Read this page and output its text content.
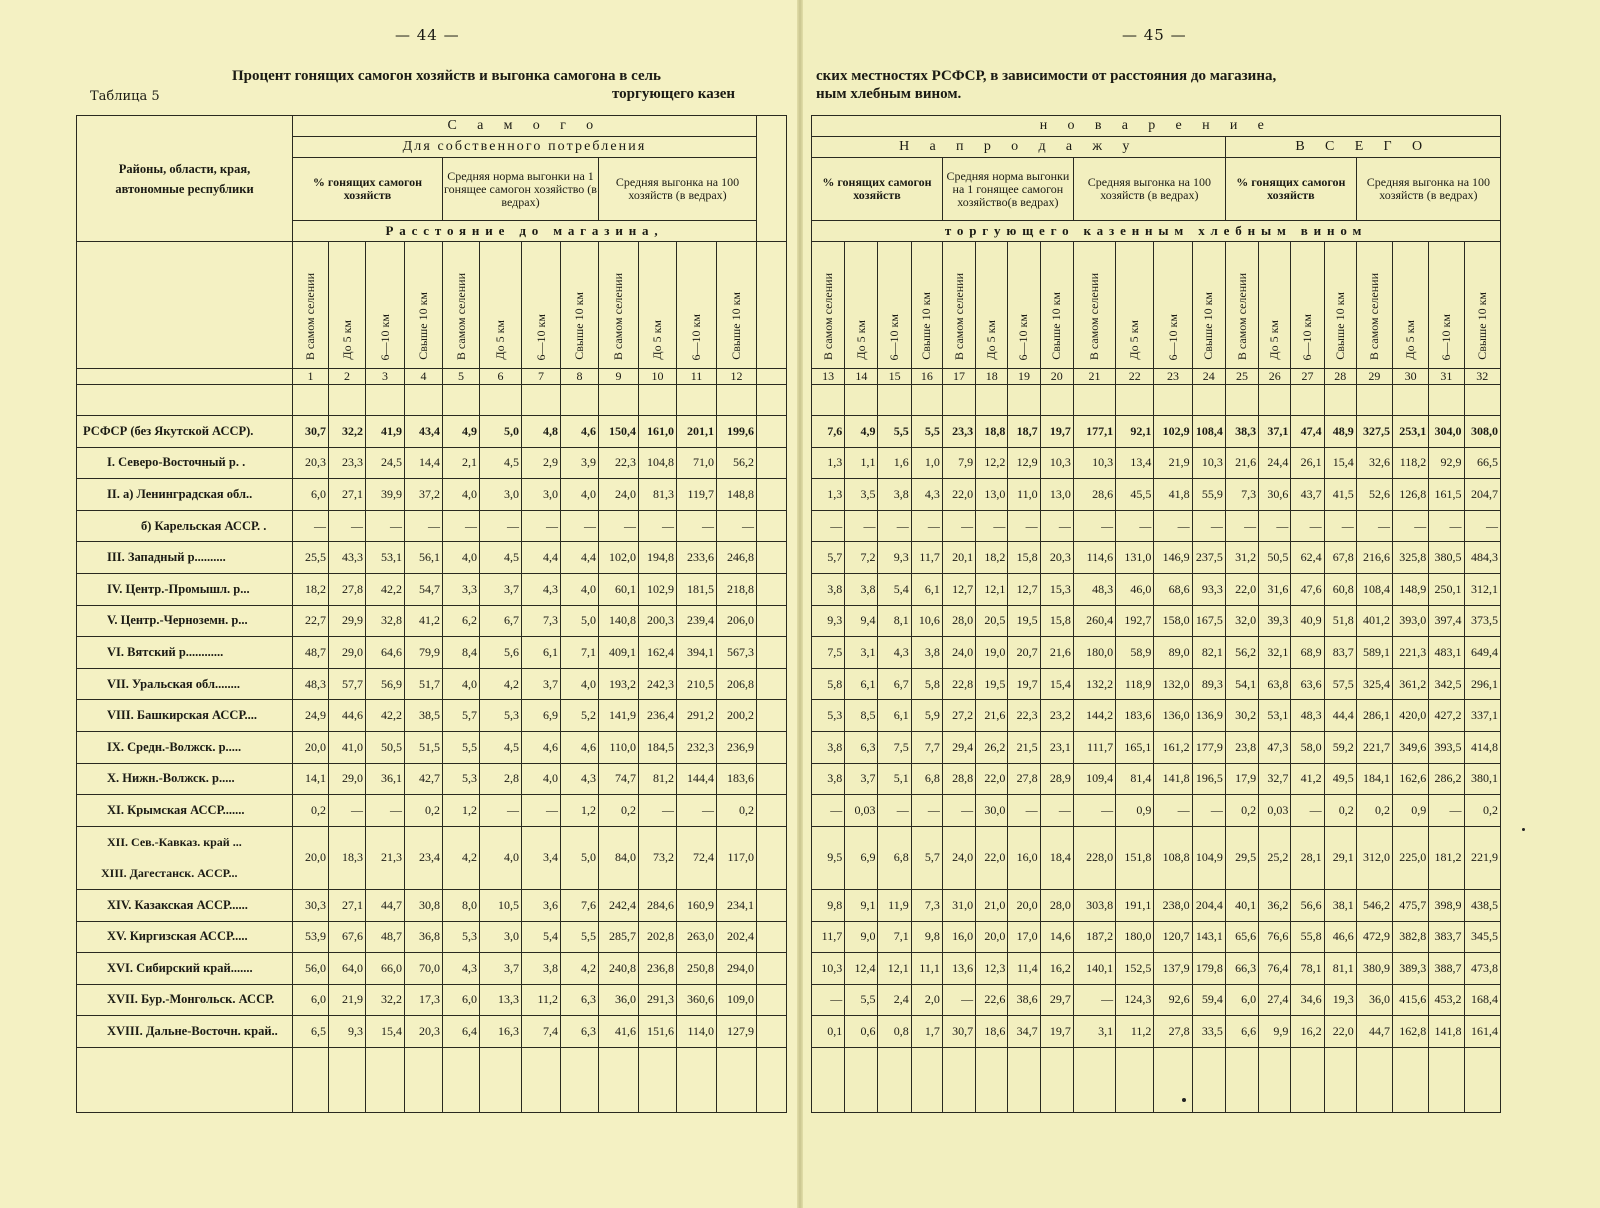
— 44 —
Процент гонящих самогон хозяйств и выгонка самогона в сель
торгующего казен
Таблица 5
— 45 —
ских местностях РСФСР, в зависимости от расстояния до магазина,
ным хлебным вином.
Районы, области, края, автономные республики	С а м о г о												
	Для собственного потребления												
	% гонящих самогон хозяйств				Средняя норма выгонки на 1 гонящее самогон хозяйство (в ведрах)				Средняя выгонка на 100 хозяйств (в ведрах)				
	Расстояние до магазина,												
	В самом селении	До 5 км	6—10 км	Свыше 10 км	В самом селении	До 5 км	6—10 км	Свыше 10 км	В самом селении	До 5 км	6—10 км	Свыше 10 км	
	1	2	3	4	5	6	7	8	9	10	11	12	

РСФСР (без Якутской АССР).	30,7	32,2	41,9	43,4	4,9	5,0	4,8	4,6	150,4	161,0	201,1	199,6	
I. Северо-Восточный р. .	20,3	23,3	24,5	14,4	2,1	4,5	2,9	3,9	22,3	104,8	71,0	56,2	
II. а) Ленинградская обл..	6,0	27,1	39,9	37,2	4,0	3,0	3,0	4,0	24,0	81,3	119,7	148,8	
б) Карельская АССР. .	—	—	—	—	—	—	—	—	—	—	—	—	
III. Западный р..........	25,5	43,3	53,1	56,1	4,0	4,5	4,4	4,4	102,0	194,8	233,6	246,8	
IV. Центр.-Промышл. р...	18,2	27,8	42,2	54,7	3,3	3,7	4,3	4,0	60,1	102,9	181,5	218,8	
V. Центр.-Черноземн. р...	22,7	29,9	32,8	41,2	6,2	6,7	7,3	5,0	140,8	200,3	239,4	206,0	
VI. Вятский р............	48,7	29,0	64,6	79,9	8,4	5,6	6,1	7,1	409,1	162,4	394,1	567,3	
VII. Уральская обл........	48,3	57,7	56,9	51,7	4,0	4,2	3,7	4,0	193,2	242,3	210,5	206,8	
VIII. Башкирская АССР....	24,9	44,6	42,2	38,5	5,7	5,3	6,9	5,2	141,9	236,4	291,2	200,2	
IX. Средн.-Волжск. р.....	20,0	41,0	50,5	51,5	5,5	4,5	4,6	4,6	110,0	184,5	232,3	236,9	
X. Нижн.-Волжск. р.....	14,1	29,0	36,1	42,7	5,3	2,8	4,0	4,3	74,7	81,2	144,4	183,6	
XI. Крымская АССР.......	0,2	—	—	0,2	1,2	—	—	1,2	0,2	—	—	0,2	

XII. Сев.-Кавказ. край ...
XIII. Дагестанск. АССР...	20,0	18,3	21,3	23,4	4,2	4,0	3,4	5,0	84,0	73,2	72,4	117,0	
XIV. Казакская АССР......	30,3	27,1	44,7	30,8	8,0	10,5	3,6	7,6	242,4	284,6	160,9	234,1	
XV. Киргизская АССР.....	53,9	67,6	48,7	36,8	5,3	3,0	5,4	5,5	285,7	202,8	263,0	202,4	
XVI. Сибирский край.......	56,0	64,0	66,0	70,0	4,3	3,7	3,8	4,2	240,8	236,8	250,8	294,0	
XVII. Бур.-Монгольск. АССР.	6,0	21,9	32,2	17,3	6,0	13,3	11,2	6,3	36,0	291,3	360,6	109,0	
XVIII. Дальне-Восточн. край..	6,5	9,3	15,4	20,3	6,4	16,3	7,4	6,3	41,6	151,6	114,0	127,9	

н о в а р е н и е																			
Н а п р о д а ж у												В С Е Г О							
% гонящих самогон хозяйств				Средняя норма выгонки на 1 гонящее самогон хозяйство(в ведрах)				Средняя выгонка на 100 хозяйств (в ведрах)				% гонящих самогон хозяйств				Средняя выгонка на 100 хозяйств (в ведрах)			
торгующего казенным хлебным вином																			
В самом селении	До 5 км	6—10 км	Свыше 10 км	В самом селении	До 5 км	6—10 км	Свыше 10 км	В самом селении	До 5 км	6—10 км	Свыше 10 км	В самом селении	До 5 км	6—10 км	Свыше 10 км	В самом селении	До 5 км	6—10 км	Свыше 10 км
13	14	15	16	17	18	19	20	21	22	23	24	25	26	27	28	29	30	31	32

7,6	4,9	5,5	5,5	23,3	18,8	18,7	19,7	177,1	92,1	102,9	108,4	38,3	37,1	47,4	48,9	327,5	253,1	304,0	308,0
1,3	1,1	1,6	1,0	7,9	12,2	12,9	10,3	10,3	13,4	21,9	10,3	21,6	24,4	26,1	15,4	32,6	118,2	92,9	66,5
1,3	3,5	3,8	4,3	22,0	13,0	11,0	13,0	28,6	45,5	41,8	55,9	7,3	30,6	43,7	41,5	52,6	126,8	161,5	204,7
—	—	—	—	—	—	—	—	—	—	—	—	—	—	—	—	—	—	—	—
5,7	7,2	9,3	11,7	20,1	18,2	15,8	20,3	114,6	131,0	146,9	237,5	31,2	50,5	62,4	67,8	216,6	325,8	380,5	484,3
3,8	3,8	5,4	6,1	12,7	12,1	12,7	15,3	48,3	46,0	68,6	93,3	22,0	31,6	47,6	60,8	108,4	148,9	250,1	312,1
9,3	9,4	8,1	10,6	28,0	20,5	19,5	15,8	260,4	192,7	158,0	167,5	32,0	39,3	40,9	51,8	401,2	393,0	397,4	373,5
7,5	3,1	4,3	3,8	24,0	19,0	20,7	21,6	180,0	58,9	89,0	82,1	56,2	32,1	68,9	83,7	589,1	221,3	483,1	649,4
5,8	6,1	6,7	5,8	22,8	19,5	19,7	15,4	132,2	118,9	132,0	89,3	54,1	63,8	63,6	57,5	325,4	361,2	342,5	296,1
5,3	8,5	6,1	5,9	27,2	21,6	22,3	23,2	144,2	183,6	136,0	136,9	30,2	53,1	48,3	44,4	286,1	420,0	427,2	337,1
3,8	6,3	7,5	7,7	29,4	26,2	21,5	23,1	111,7	165,1	161,2	177,9	23,8	47,3	58,0	59,2	221,7	349,6	393,5	414,8
3,8	3,7	5,1	6,8	28,8	22,0	27,8	28,9	109,4	81,4	141,8	196,5	17,9	32,7	41,2	49,5	184,1	162,6	286,2	380,1
—	0,03	—	—	—	30,0	—	—	—	0,9	—	—	0,2	0,03	—	0,2	0,2	0,9	—	0,2
9,5	6,9	6,8	5,7	24,0	22,0	16,0	18,4	228,0	151,8	108,8	104,9	29,5	25,2	28,1	29,1	312,0	225,0	181,2	221,9
9,8	9,1	11,9	7,3	31,0	21,0	20,0	28,0	303,8	191,1	238,0	204,4	40,1	36,2	56,6	38,1	546,2	475,7	398,9	438,5
11,7	9,0	7,1	9,8	16,0	20,0	17,0	14,6	187,2	180,0	120,7	143,1	65,6	76,6	55,8	46,6	472,9	382,8	383,7	345,5
10,3	12,4	12,1	11,1	13,6	12,3	11,4	16,2	140,1	152,5	137,9	179,8	66,3	76,4	78,1	81,1	380,9	389,3	388,7	473,8
—	5,5	2,4	2,0	—	22,6	38,6	29,7	—	124,3	92,6	59,4	6,0	27,4	34,6	19,3	36,0	415,6	453,2	168,4
0,1	0,6	0,8	1,7	30,7	18,6	34,7	19,7	3,1	11,2	27,8	33,5	6,6	9,9	16,2	22,0	44,7	162,8	141,8	161,4
